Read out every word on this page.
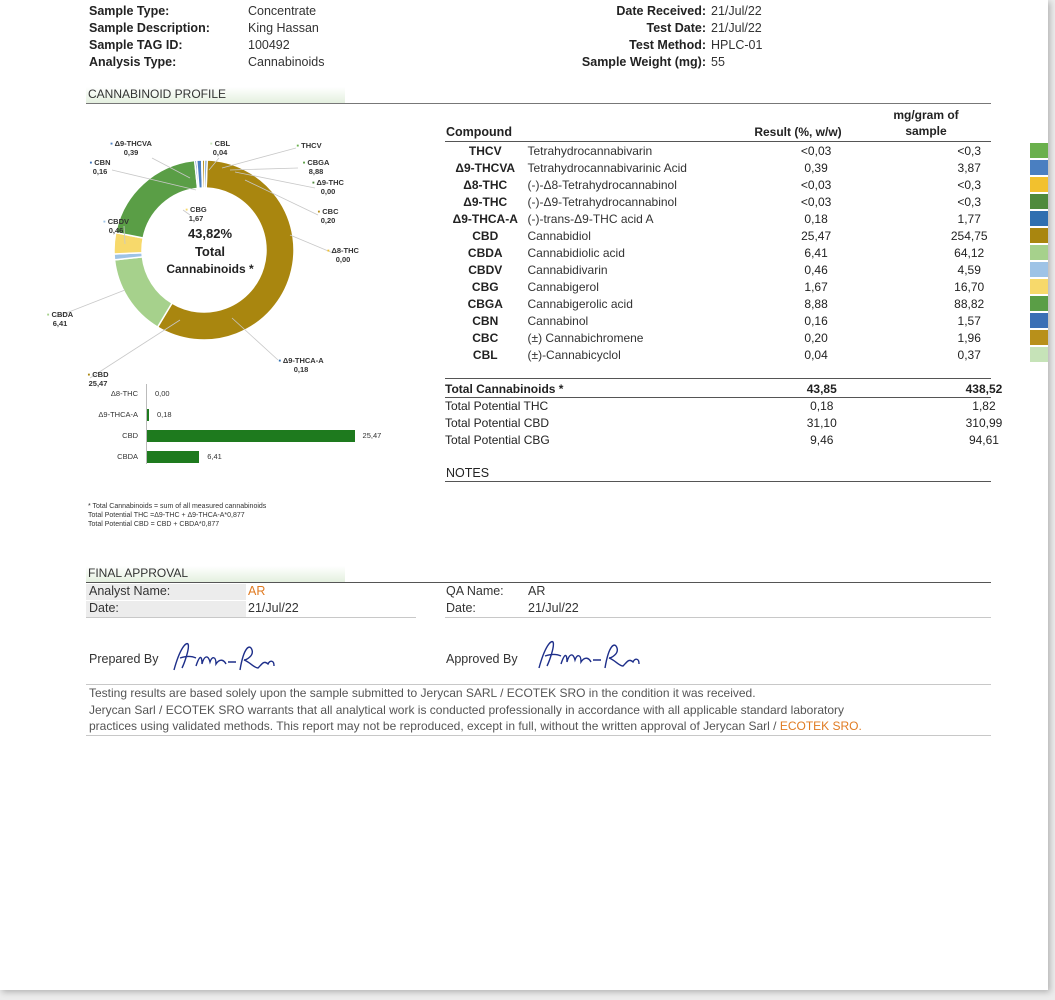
Sample Type:	Concentrate
Sample Description:	King Hassan
Sample TAG ID:	100492
Analysis Type:	Cannabinoids
Date Received: 21/Jul/22
Test Date: 21/Jul/22
Test Method: HPLC-01
Sample Weight (mg): 55
CANNABINOID PROFILE
43,82%
Total
Cannabinoids *
▪ Δ9-THCVA
0,39
▪ CBL
0,04
▪ THCV
▪ CBGA
8,88
▪ Δ9-THC
0,00
▪ CBN
0,16
▪ CBC
0,20
▪ CBG
1,67
▪ CBDV
0,46
▪ Δ8-THC
0,00
▪ CBDA
6,41
▪ Δ9-THCA-A
0,18
▪ CBD
25,47
Δ8-THC
Δ9-THCA-A
CBD
CBDA
0,00
0,18
25,47
6,41
* Total Cannabinoids = sum of all measured cannabinoids
Total Potential THC =Δ9-THC + Δ9-THCA-A*0,877
Total Potential CBD = CBD + CBDA*0,877
Compound	Result (%, w/w)
mg/gram of sample
THCV	Tetrahydrocannabivarin	<0,03	<0,3	

Δ9-THCVA	Tetrahydrocannabivarinic Acid	0,39	3,87	

Δ8-THC	(-)-Δ8-Tetrahydrocannabinol	<0,03	<0,3	

Δ9-THC	(-)-Δ9-Tetrahydrocannabinol	<0,03	<0,3	

Δ9-THCA-A	(-)-trans-Δ9-THC acid A	0,18	1,77	

CBD	Cannabidiol	25,47	254,75	

CBDA	Cannabidiolic acid	6,41	64,12	

CBDV	Cannabidivarin	0,46	4,59	

CBG	Cannabigerol	1,67	16,70	

CBGA	Cannabigerolic acid	8,88	88,82	

CBN	Cannabinol	0,16	1,57	

CBC	(±) Cannabichromene	0,20	1,96	

CBL	(±)-Cannabicyclol	0,04	0,37	
Total Cannabinoids *	43,85	438,52
Total Potential THC	0,18	1,82
Total Potential CBD	31,10	310,99
Total Potential CBG	9,46	94,61
NOTES
FINAL APPROVAL
Analyst Name:	AR
Date:	21/Jul/22
QA Name: AR
Date:	21/Jul/22
Prepared By	Approved By
Testing results are based solely upon the sample submitted to Jerycan SARL / ECOTEK SRO in the condition it was received.
Jerycan Sarl / ECOTEK SRO warrants that all analytical work is conducted professionally in accordance with all applicable standard laboratory
practices using validated methods. This report may not be reproduced, except in full, without the written approval of Jerycan Sarl / ECOTEK SRO.
